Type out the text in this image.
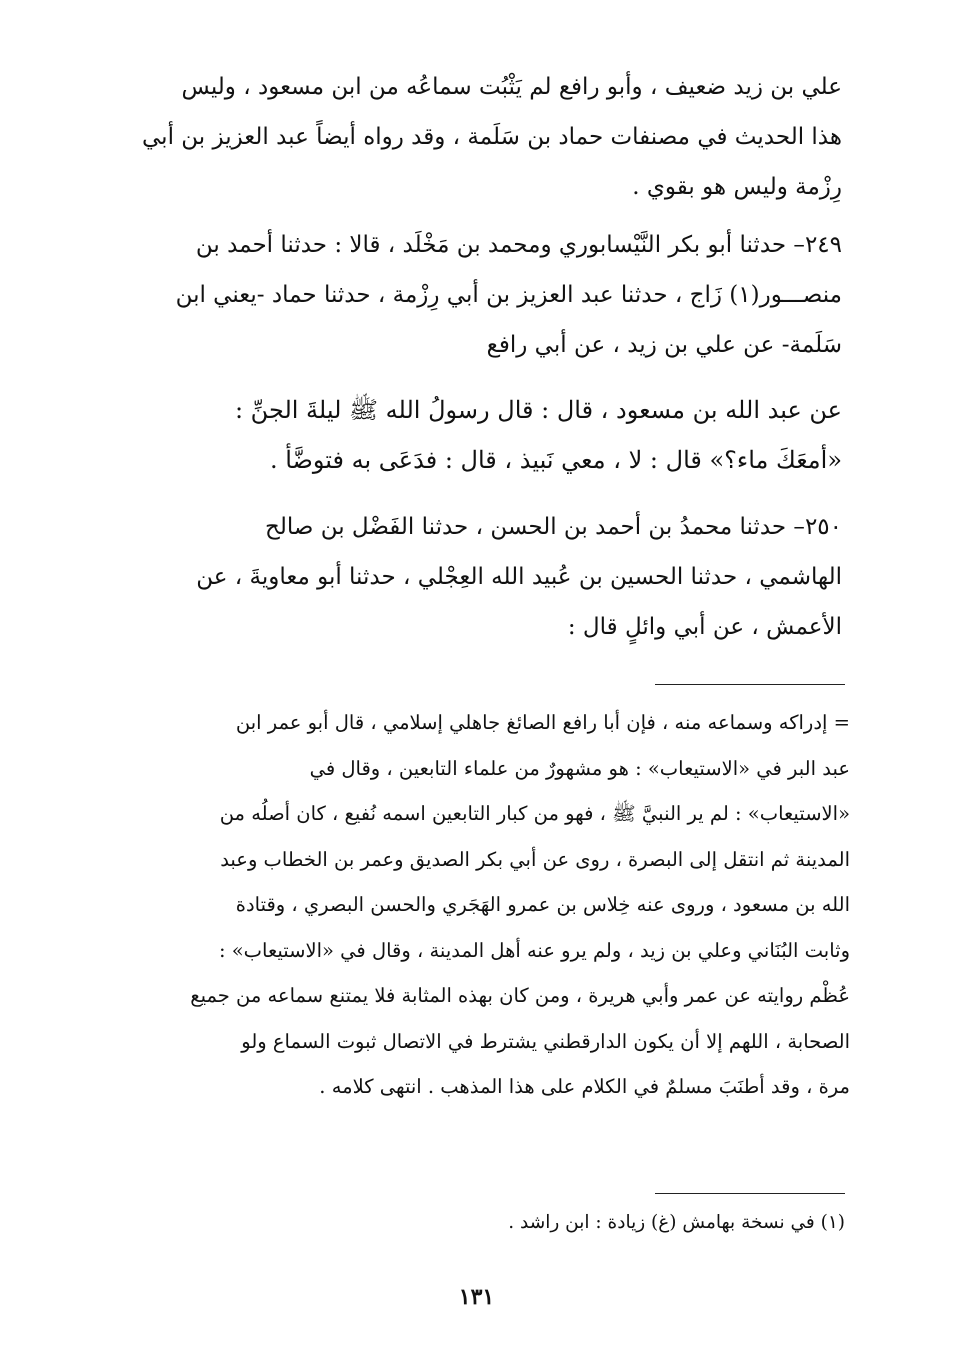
علي بن زيد ضعيف ، وأبو رافع لم يَثْبُت سماعُه من ابن مسعود ، وليس
هذا الحديث في مصنفات حماد بن سَلَمة ، وقد رواه أيضاً عبد العزيز بن أبي
رِزْمة وليس هو بقوي .
٢٤٩– حدثنا أبو بكر النَّيْسابوري ومحمد بن مَخْلَد ، قالا : حدثنا أحمد بن
منصـــور(١) زَاج ، حدثنا عبد العزيز بن أبي رِزْمة ، حدثنا حماد -يعني ابن
سَلَمة- عن علي بن زيد ، عن أبي رافع
عن عبد الله بن مسعود ، قال : قال رسولُ الله ﷺ ليلةَ الجنِّ :
«أمعَكَ ماء؟» قال : لا ، معي نَبيذ ، قال : فدَعَى به فتوضَّأ .
٢٥٠– حدثنا محمدُ بن أحمد بن الحسن ، حدثنا الفَضْل بن صالح
الهاشمي ، حدثنا الحسين بن عُبيد الله العِجْلي ، حدثنا أبو معاويةَ ، عن
الأعمش ، عن أبي وائلٍ قال :
= إدراكه وسماعه منه ، فإن أبا رافع الصائغ جاهلي إسلامي ، قال أبو عمر ابن
عبد البر في «الاستيعاب» : هو مشهورٌ من علماء التابعين ، وقال في
«الاستيعاب» : لم ير النبيَّ ﷺ ، فهو من كبار التابعين اسمه نُفيع ، كان أصلُه من
المدينة ثم انتقل إلى البصرة ، روى عن أبي بكر الصديق وعمر بن الخطاب وعبد
الله بن مسعود ، وروى عنه خِلاس بن عمرو الهَجَري والحسن البصري ، وقتادة
وثابت البُنَاني وعلي بن زيد ، ولم يرو عنه أهل المدينة ، وقال في «الاستيعاب» :
عُظْم روايته عن عمر وأبي هريرة ، ومن كان بهذه المثابة فلا يمتنع سماعه من جميع
الصحابة ، اللهم إلا أن يكون الدارقطني يشترط في الاتصال ثبوت السماع ولو
مرة ، وقد أطنَبَ مسلمٌ في الكلام على هذا المذهب . انتهى كلامه .
(١) في نسخة بهامش (غ) زيادة : ابن راشد .
١٣١
